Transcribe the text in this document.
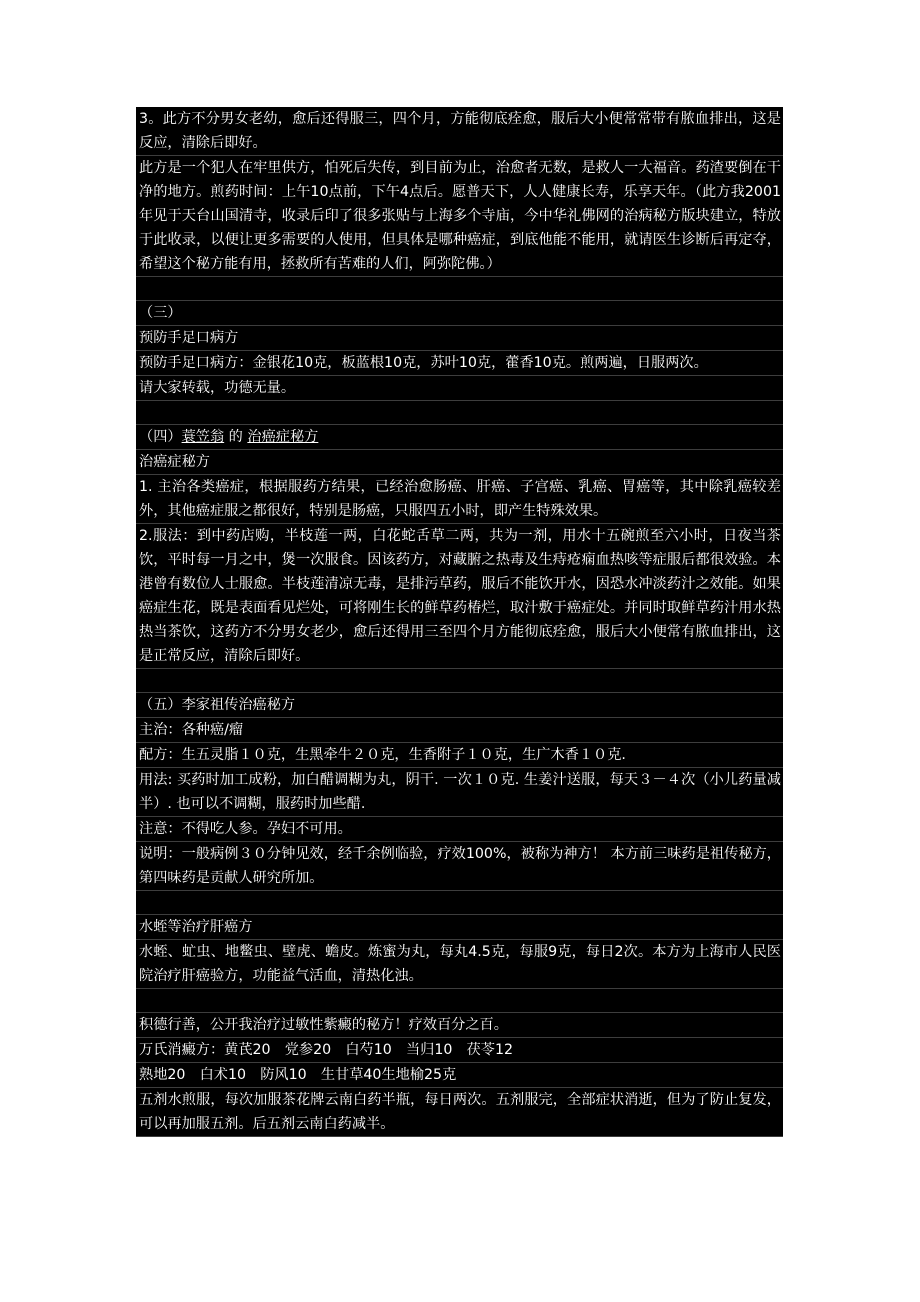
3。此方不分男女老幼，愈后还得服三，四个月，方能彻底痊愈，服后大小便常常带有脓血排出，这是反应，清除后即好。
此方是一个犯人在牢里供方，怕死后失传，到目前为止，治愈者无数，是救人一大福音。药渣要倒在干净的地方。煎药时间：上午10点前，下午4点后。愿普天下，人人健康长寿，乐享天年。（此方我2001年见于天台山国清寺，收录后印了很多张贴与上海多个寺庙，今中华礼佛网的治病秘方版块建立，特放于此收录，以便让更多需要的人使用，但具体是哪种癌症，到底他能不能用，就请医生诊断后再定夺，希望这个秘方能有用，拯救所有苦难的人们，阿弥陀佛。）
（三）
预防手足口病方
预防手足口病方：金银花10克，板蓝根10克，苏叶10克，藿香10克。煎两遍，日服两次。
请大家转载，功德无量。
（四）蓑笠翁 的 治癌症秘方
治癌症秘方
1. 主治各类癌症，根据服药方结果，已经治愈肠癌、肝癌、子宫癌、乳癌、胃癌等，其中除乳癌较差外，其他癌症服之都很好，特别是肠癌，只服四五小时，即产生特殊效果。
2.服法：到中药店购，半枝莲一两，白花蛇舌草二两，共为一剂，用水十五碗煎至六小时，日夜当茶饮，平时每一月之中，煲一次服食。因该药方，对藏腑之热毒及生痔疮痫血热咳等症服后都很效验。本港曾有数位人士服愈。半枝莲清凉无毒，是排污草药，服后不能饮开水，因恐水冲淡药汁之效能。如果癌症生花，既是表面看见烂处，可将刚生长的鲜草药椿烂，取汁敷于癌症处。并同时取鲜草药汁用水热热当茶饮，这药方不分男女老少，愈后还得用三至四个月方能彻底痊愈，服后大小便常有脓血排出，这是正常反应，清除后即好。
（五）李家祖传治癌秘方
主治：各种癌/瘤
配方：生五灵脂１０克，生黑牵牛２０克，生香附子１０克，生广木香１０克.
用法: 买药时加工成粉，加白醋调糊为丸，阴干. 一次１０克. 生姜汁送服，每天３－４次（小儿药量减半）. 也可以不调糊，服药时加些醋.
注意：不得吃人参。孕妇不可用。
说明：一般病例３０分钟见效，经千余例临验，疗效100%，被称为神方！ 本方前三味药是祖传秘方，第四味药是贡献人研究所加。
水蛭等治疗肝癌方
水蛭、虻虫、地鳖虫、壁虎、蟾皮。炼蜜为丸，每丸4.5克，每服9克，每日2次。本方为上海市人民医院治疗肝癌验方，功能益气活血，清热化浊。
积德行善，公开我治疗过敏性紫癜的秘方！疗效百分之百。
万氏消癜方：黄芪20　党参20　白芍10　当归10　茯苓12
熟地20　白术10　防风10　生甘草40生地榆25克
五剂水煎服，每次加服茶花牌云南白药半瓶，每日两次。五剂服完，全部症状消逝，但为了防止复发，可以再加服五剂。后五剂云南白药减半。
